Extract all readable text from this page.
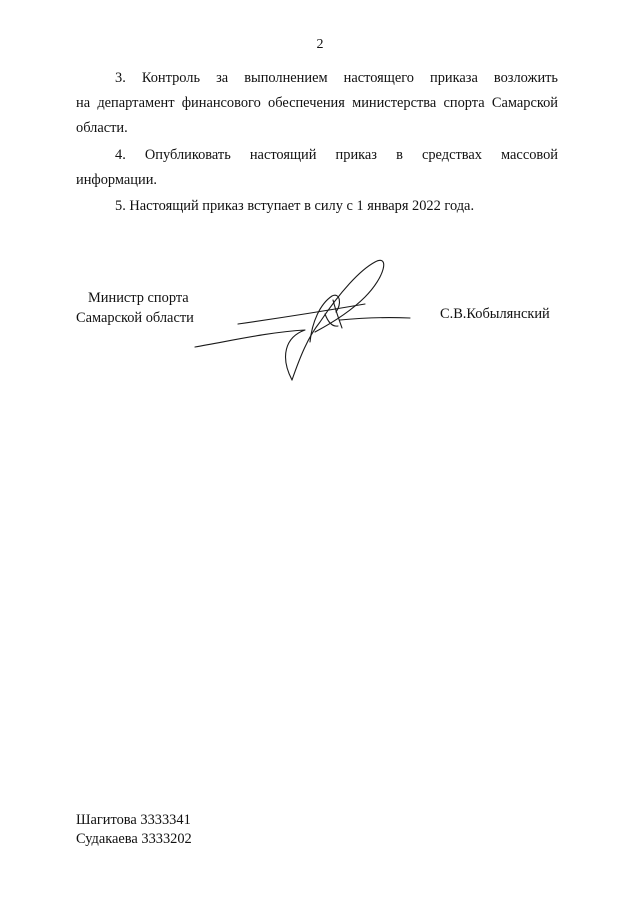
2

3. Контроль за выполнением настоящего приказа возложить
на департамент финансового обеспечения министерства спорта Самарской области.

4. Опубликовать настоящий приказ в средствах массовой
информации.

5. Настоящий приказ вступает в силу с 1 января 2022 года.

Министр спорта
Самарской области	С.В.Кобылянский
Шагитова 3333341
Судакаева 3333202
